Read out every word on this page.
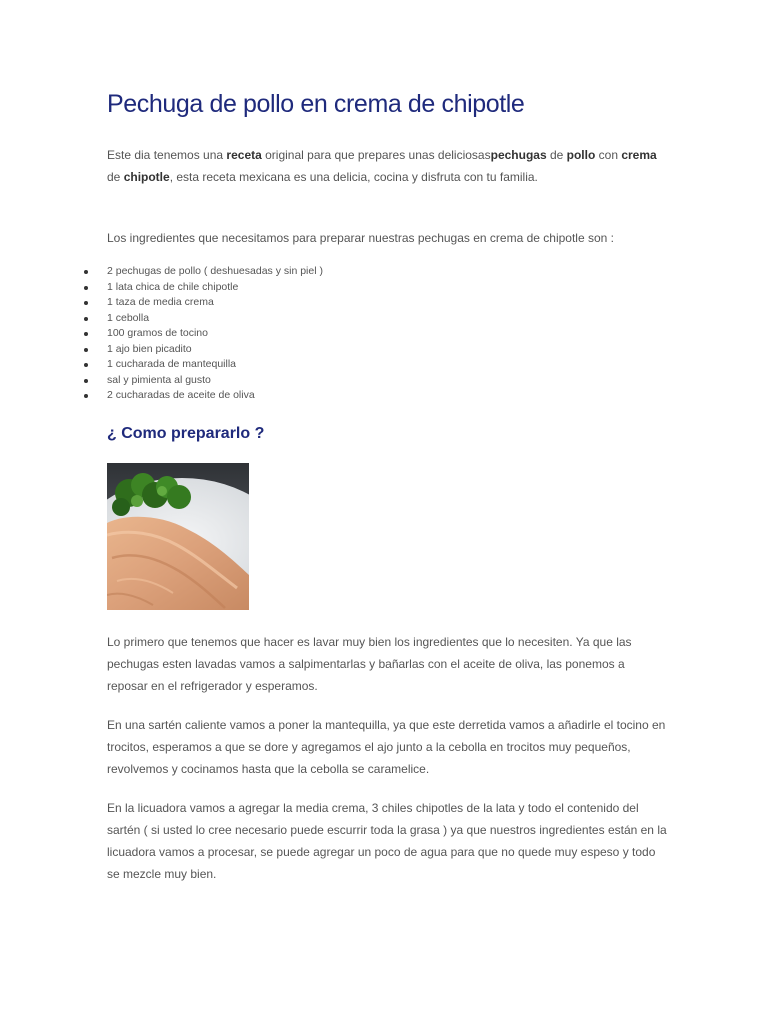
Pechuga de pollo en crema de chipotle

Este dia tenemos una receta original para que prepares unas deliciosaspechugas de pollo con crema de chipotle, esta receta mexicana es una delicia, cocina y disfruta con tu familia.

Los ingredientes que necesitamos para preparar nuestras pechugas en crema de chipotle son :

2 pechugas de pollo ( deshuesadas y sin piel )
1 lata chica de chile chipotle
1 taza de media crema
1 cebolla
100 gramos de tocino
1 ajo bien picadito
1 cucharada de mantequilla
sal y pimienta al gusto
2 cucharadas de aceite de oliva
¿ Como prepararlo ?

Lo primero que tenemos que hacer es lavar muy bien los ingredientes que lo necesiten. Ya que las pechugas esten lavadas vamos a salpimentarlas y bañarlas con el aceite de oliva, las ponemos a reposar en el refrigerador y esperamos.

En una sartén caliente vamos a poner la mantequilla, ya que este derretida vamos a añadirle el tocino en trocitos, esperamos a que se dore y agregamos el ajo junto a la cebolla en trocitos muy pequeños, revolvemos y cocinamos hasta que la cebolla se caramelice.

En la licuadora vamos a agregar la media crema, 3 chiles chipotles de la lata y todo el contenido del sartén ( si usted lo cree necesario puede escurrir toda la grasa ) ya que nuestros ingredientes están en la licuadora vamos a procesar, se puede agregar un poco de agua para que no quede muy espeso y todo se mezcle muy bien.
